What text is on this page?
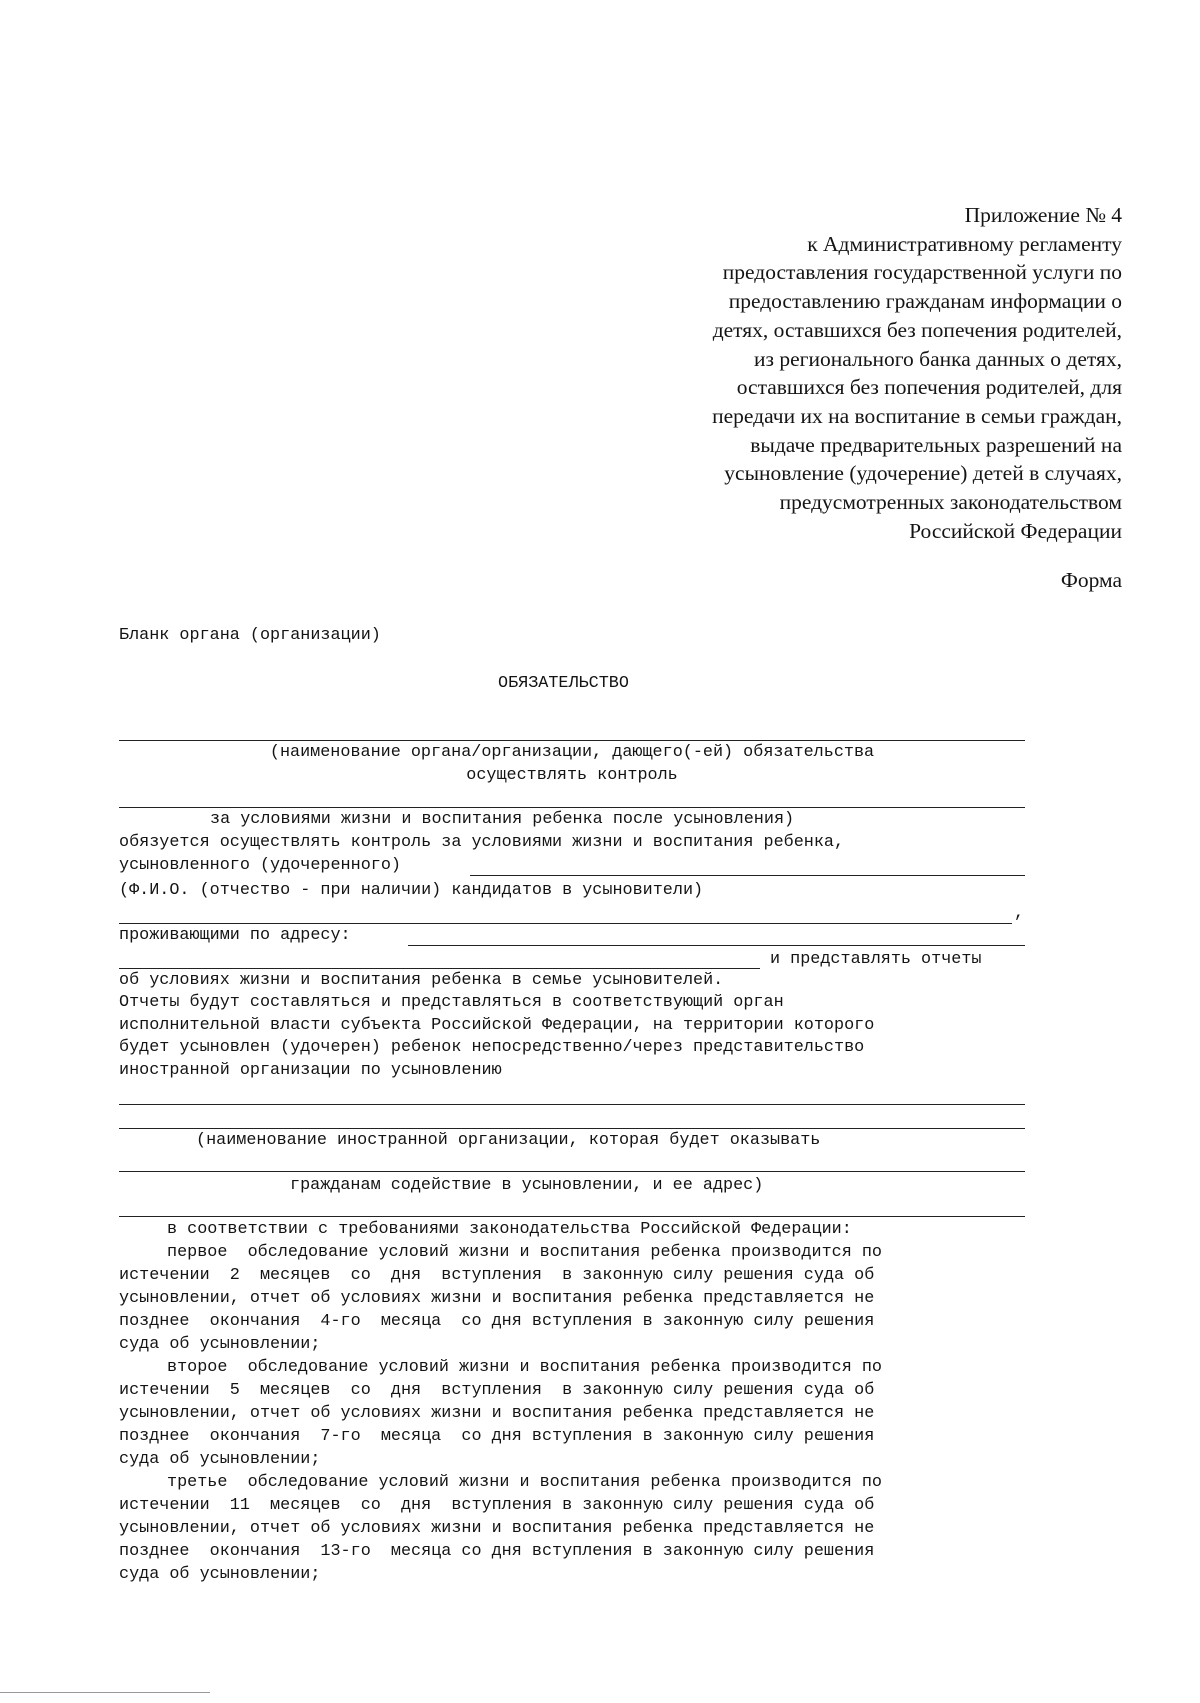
Приложение № 4
к Административному регламенту
предоставления государственной услуги по
предоставлению гражданам информации о
детях, оставшихся без попечения родителей,
из регионального банка данных о детях,
оставшихся без попечения родителей, для
передачи их на воспитание в семьи граждан,
выдаче предварительных разрешений на
усыновление (удочерение) детей в случаях,
предусмотренных законодательством
Российской Федерации
Форма
Бланк органа (организации)
ОБЯЗАТЕЛЬСТВО
(наименование органа/организации, дающего(-ей) обязательства
осуществлять контроль
за условиями жизни и воспитания ребенка после усыновления)
обязуется осуществлять контроль за условиями жизни и воспитания ребенка,
усыновленного (удочеренного)
(Ф.И.О. (отчество - при наличии) кандидатов в усыновители)
,
проживающими по адресу:
и представлять отчеты
об условиях жизни и воспитания ребенка в семье усыновителей.
Отчеты будут составляться и представляться в соответствующий орган
исполнительной власти субъекта Российской Федерации, на территории которого
будет усыновлен (удочерен) ребенок непосредственно/через представительство
иностранной организации по усыновлению
(наименование иностранной организации, которая будет оказывать
гражданам содействие в усыновлении, и ее адрес)
в соответствии с требованиями законодательства Российской Федерации:
первое  обследование условий жизни и воспитания ребенка производится по
истечении  2  месяцев  со  дня  вступления  в законную силу решения суда об
усыновлении, отчет об условиях жизни и воспитания ребенка представляется не
позднее  окончания  4-го  месяца  со дня вступления в законную силу решения
суда об усыновлении;
второе  обследование условий жизни и воспитания ребенка производится по
истечении  5  месяцев  со  дня  вступления  в законную силу решения суда об
усыновлении, отчет об условиях жизни и воспитания ребенка представляется не
позднее  окончания  7-го  месяца  со дня вступления в законную силу решения
суда об усыновлении;
третье  обследование условий жизни и воспитания ребенка производится по
истечении  11  месяцев  со  дня  вступления в законную силу решения суда об
усыновлении, отчет об условиях жизни и воспитания ребенка представляется не
позднее  окончания  13-го  месяца со дня вступления в законную силу решения
суда об усыновлении;
